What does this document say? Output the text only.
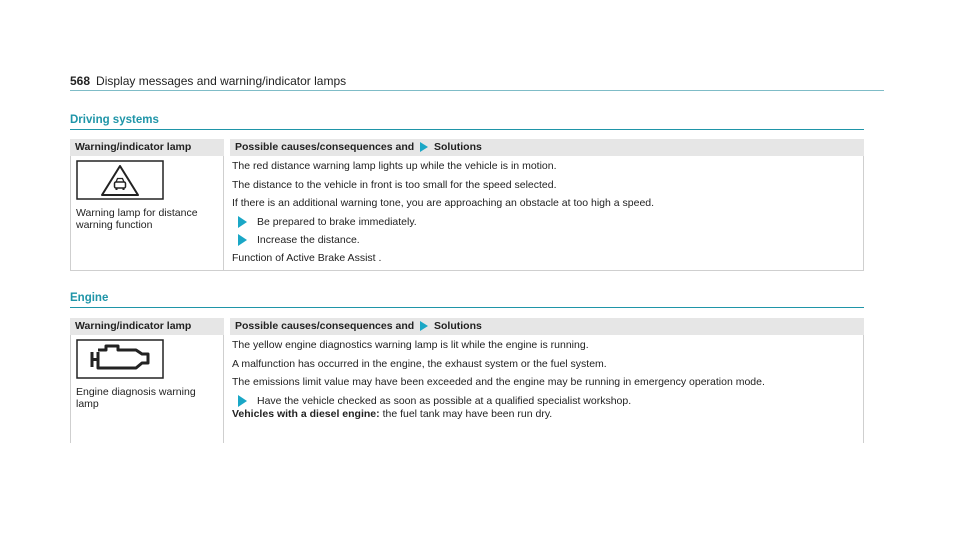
568 Display messages and warning/indicator lamps
Driving systems
Warning/indicator lamp	Possible causes/consequences and Solutions
Warning lamp for distance warning function

The red distance warning lamp lights up while the vehicle is in motion.

The distance to the vehicle in front is too small for the speed selected.

If there is an additional warning tone, you are approaching an obstacle at too high a speed.

Be prepared to brake immediately.
Increase the distance.

Function of Active Brake Assist .

Engine
Warning/indicator lamp	Possible causes/consequences and Solutions
Engine diagnosis warning lamp

The yellow engine diagnostics warning lamp is lit while the engine is running.

A malfunction has occurred in the engine, the exhaust system or the fuel system.

The emissions limit value may have been exceeded and the engine may be running in emergency operation mode.

Have the vehicle checked as soon as possible at a qualified specialist workshop.

Vehicles with a diesel engine: the fuel tank may have been run dry.
